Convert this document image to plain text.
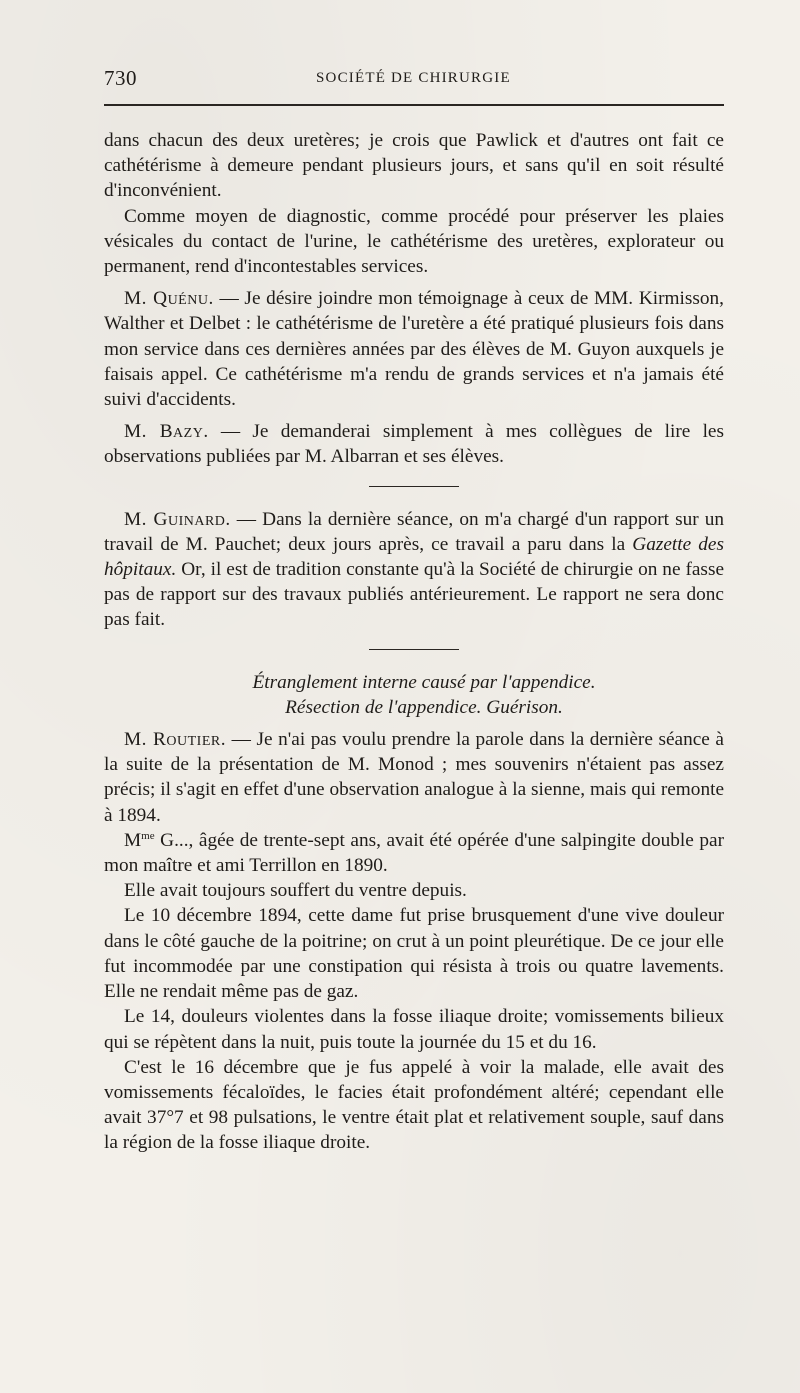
730	SOCIÉTÉ DE CHIRURGIE

dans chacun des deux uretères; je crois que Pawlick et d'autres ont fait ce cathétérisme à demeure pendant plusieurs jours, et sans qu'il en soit résulté d'inconvénient.

Comme moyen de diagnostic, comme procédé pour préserver les plaies vésicales du contact de l'urine, le cathétérisme des uretères, explorateur ou permanent, rend d'incontestables services.

M. Quénu. — Je désire joindre mon témoignage à ceux de MM. Kirmisson, Walther et Delbet : le cathétérisme de l'uretère a été pratiqué plusieurs fois dans mon service dans ces dernières années par des élèves de M. Guyon auxquels je faisais appel. Ce cathétérisme m'a rendu de grands services et n'a jamais été suivi d'accidents.

M. Bazy. — Je demanderai simplement à mes collègues de lire les observations publiées par M. Albarran et ses élèves.

M. Guinard. — Dans la dernière séance, on m'a chargé d'un rapport sur un travail de M. Pauchet; deux jours après, ce travail a paru dans la Gazette des hôpitaux. Or, il est de tradition constante qu'à la Société de chirurgie on ne fasse pas de rapport sur des travaux publiés antérieurement. Le rapport ne sera donc pas fait.

Étranglement interne causé par l'appendice.

Résection de l'appendice. Guérison.

M. Routier. — Je n'ai pas voulu prendre la parole dans la dernière séance à la suite de la présentation de M. Monod ; mes souvenirs n'étaient pas assez précis; il s'agit en effet d'une observation analogue à la sienne, mais qui remonte à 1894.

$M^{me}$ G..., âgée de trente-sept ans, avait été opérée d'une salpingite double par mon maître et ami Terrillon en 1890.

Elle avait toujours souffert du ventre depuis.

Le 10 décembre 1894, cette dame fut prise brusquement d'une vive douleur dans le côté gauche de la poitrine; on crut à un point pleurétique. De ce jour elle fut incommodée par une constipation qui résista à trois ou quatre lavements. Elle ne rendait même pas de gaz.

Le 14, douleurs violentes dans la fosse iliaque droite; vomissements bilieux qui se répètent dans la nuit, puis toute la journée du 15 et du 16.

C'est le 16 décembre que je fus appelé à voir la malade, elle avait des vomissements fécaloïdes, le facies était profondément altéré; cependant elle avait 37°7 et 98 pulsations, le ventre était plat et relativement souple, sauf dans la région de la fosse iliaque droite.
